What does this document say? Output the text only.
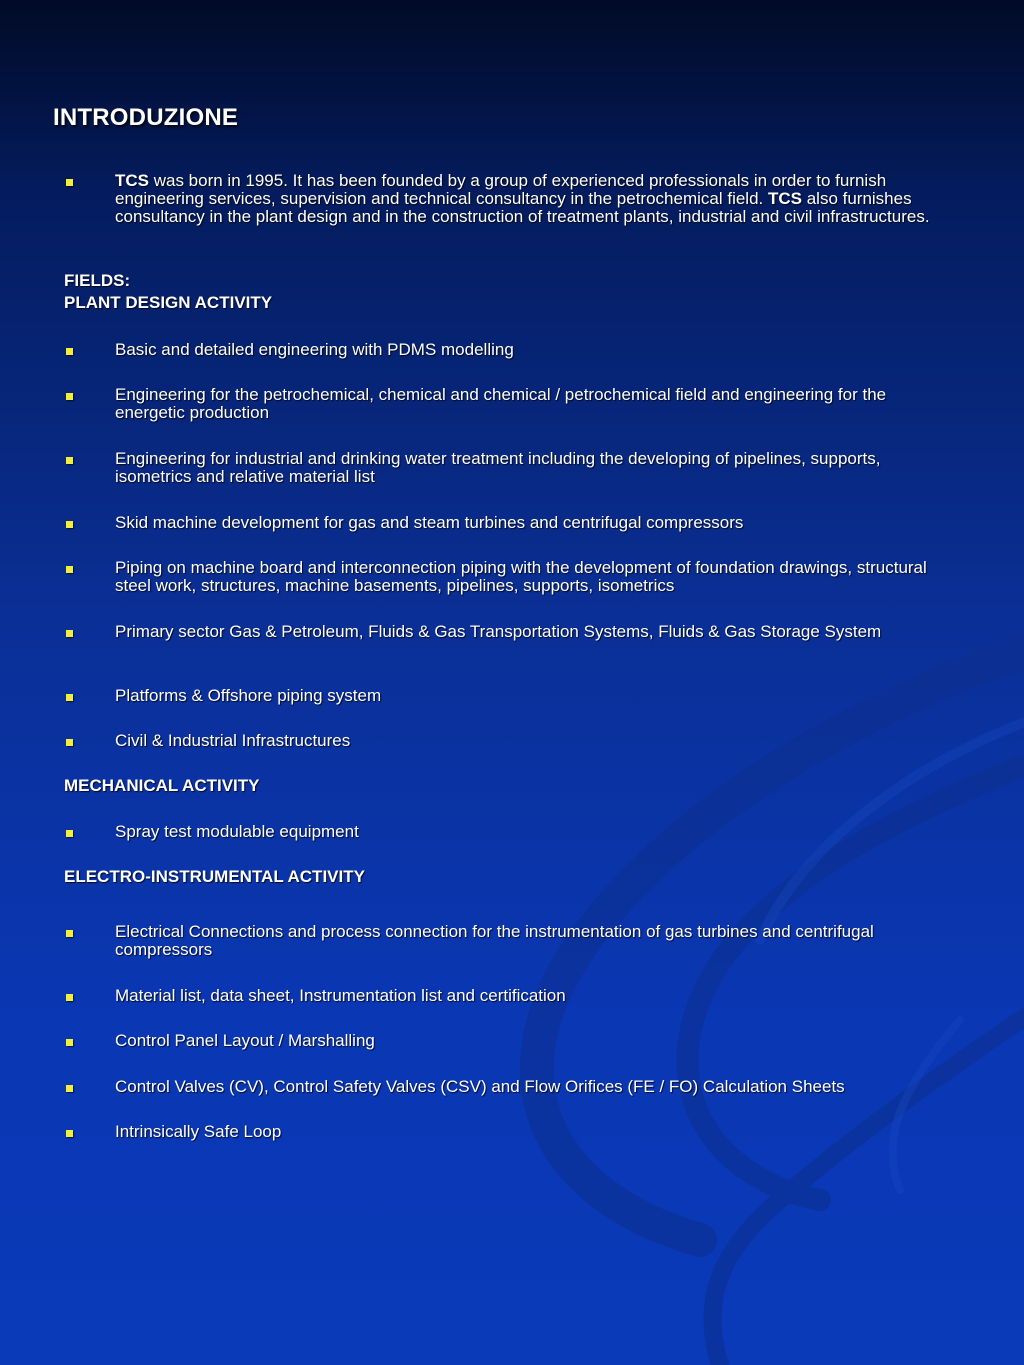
INTRODUZIONE
TCS was born in 1995. It has been founded by a group of experienced professionals in order to furnish engineering services, supervision and technical consultancy in the petrochemical field. TCS also furnishes consultancy in the plant design and in the construction of treatment plants, industrial and civil infrastructures.
FIELDS:
PLANT DESIGN ACTIVITY
Basic and detailed engineering with PDMS modelling
Engineering for the petrochemical, chemical and chemical / petrochemical field and engineering for the energetic production
Engineering for industrial and drinking water treatment including the developing of pipelines, supports, isometrics and relative material list
Skid machine development for gas and steam turbines and centrifugal compressors
Piping on machine board and interconnection piping with the development of foundation drawings, structural steel work, structures, machine basements, pipelines, supports, isometrics
Primary sector Gas & Petroleum, Fluids & Gas Transportation Systems, Fluids & Gas Storage System
Platforms & Offshore piping system
Civil & Industrial Infrastructures
MECHANICAL ACTIVITY
Spray test modulable equipment
ELECTRO-INSTRUMENTAL ACTIVITY
Electrical Connections and process connection for the instrumentation of gas turbines and centrifugal compressors
Material list, data sheet, Instrumentation list and certification
Control Panel Layout / Marshalling
Control Valves (CV), Control Safety Valves (CSV) and Flow Orifices (FE / FO) Calculation Sheets
Intrinsically Safe Loop
